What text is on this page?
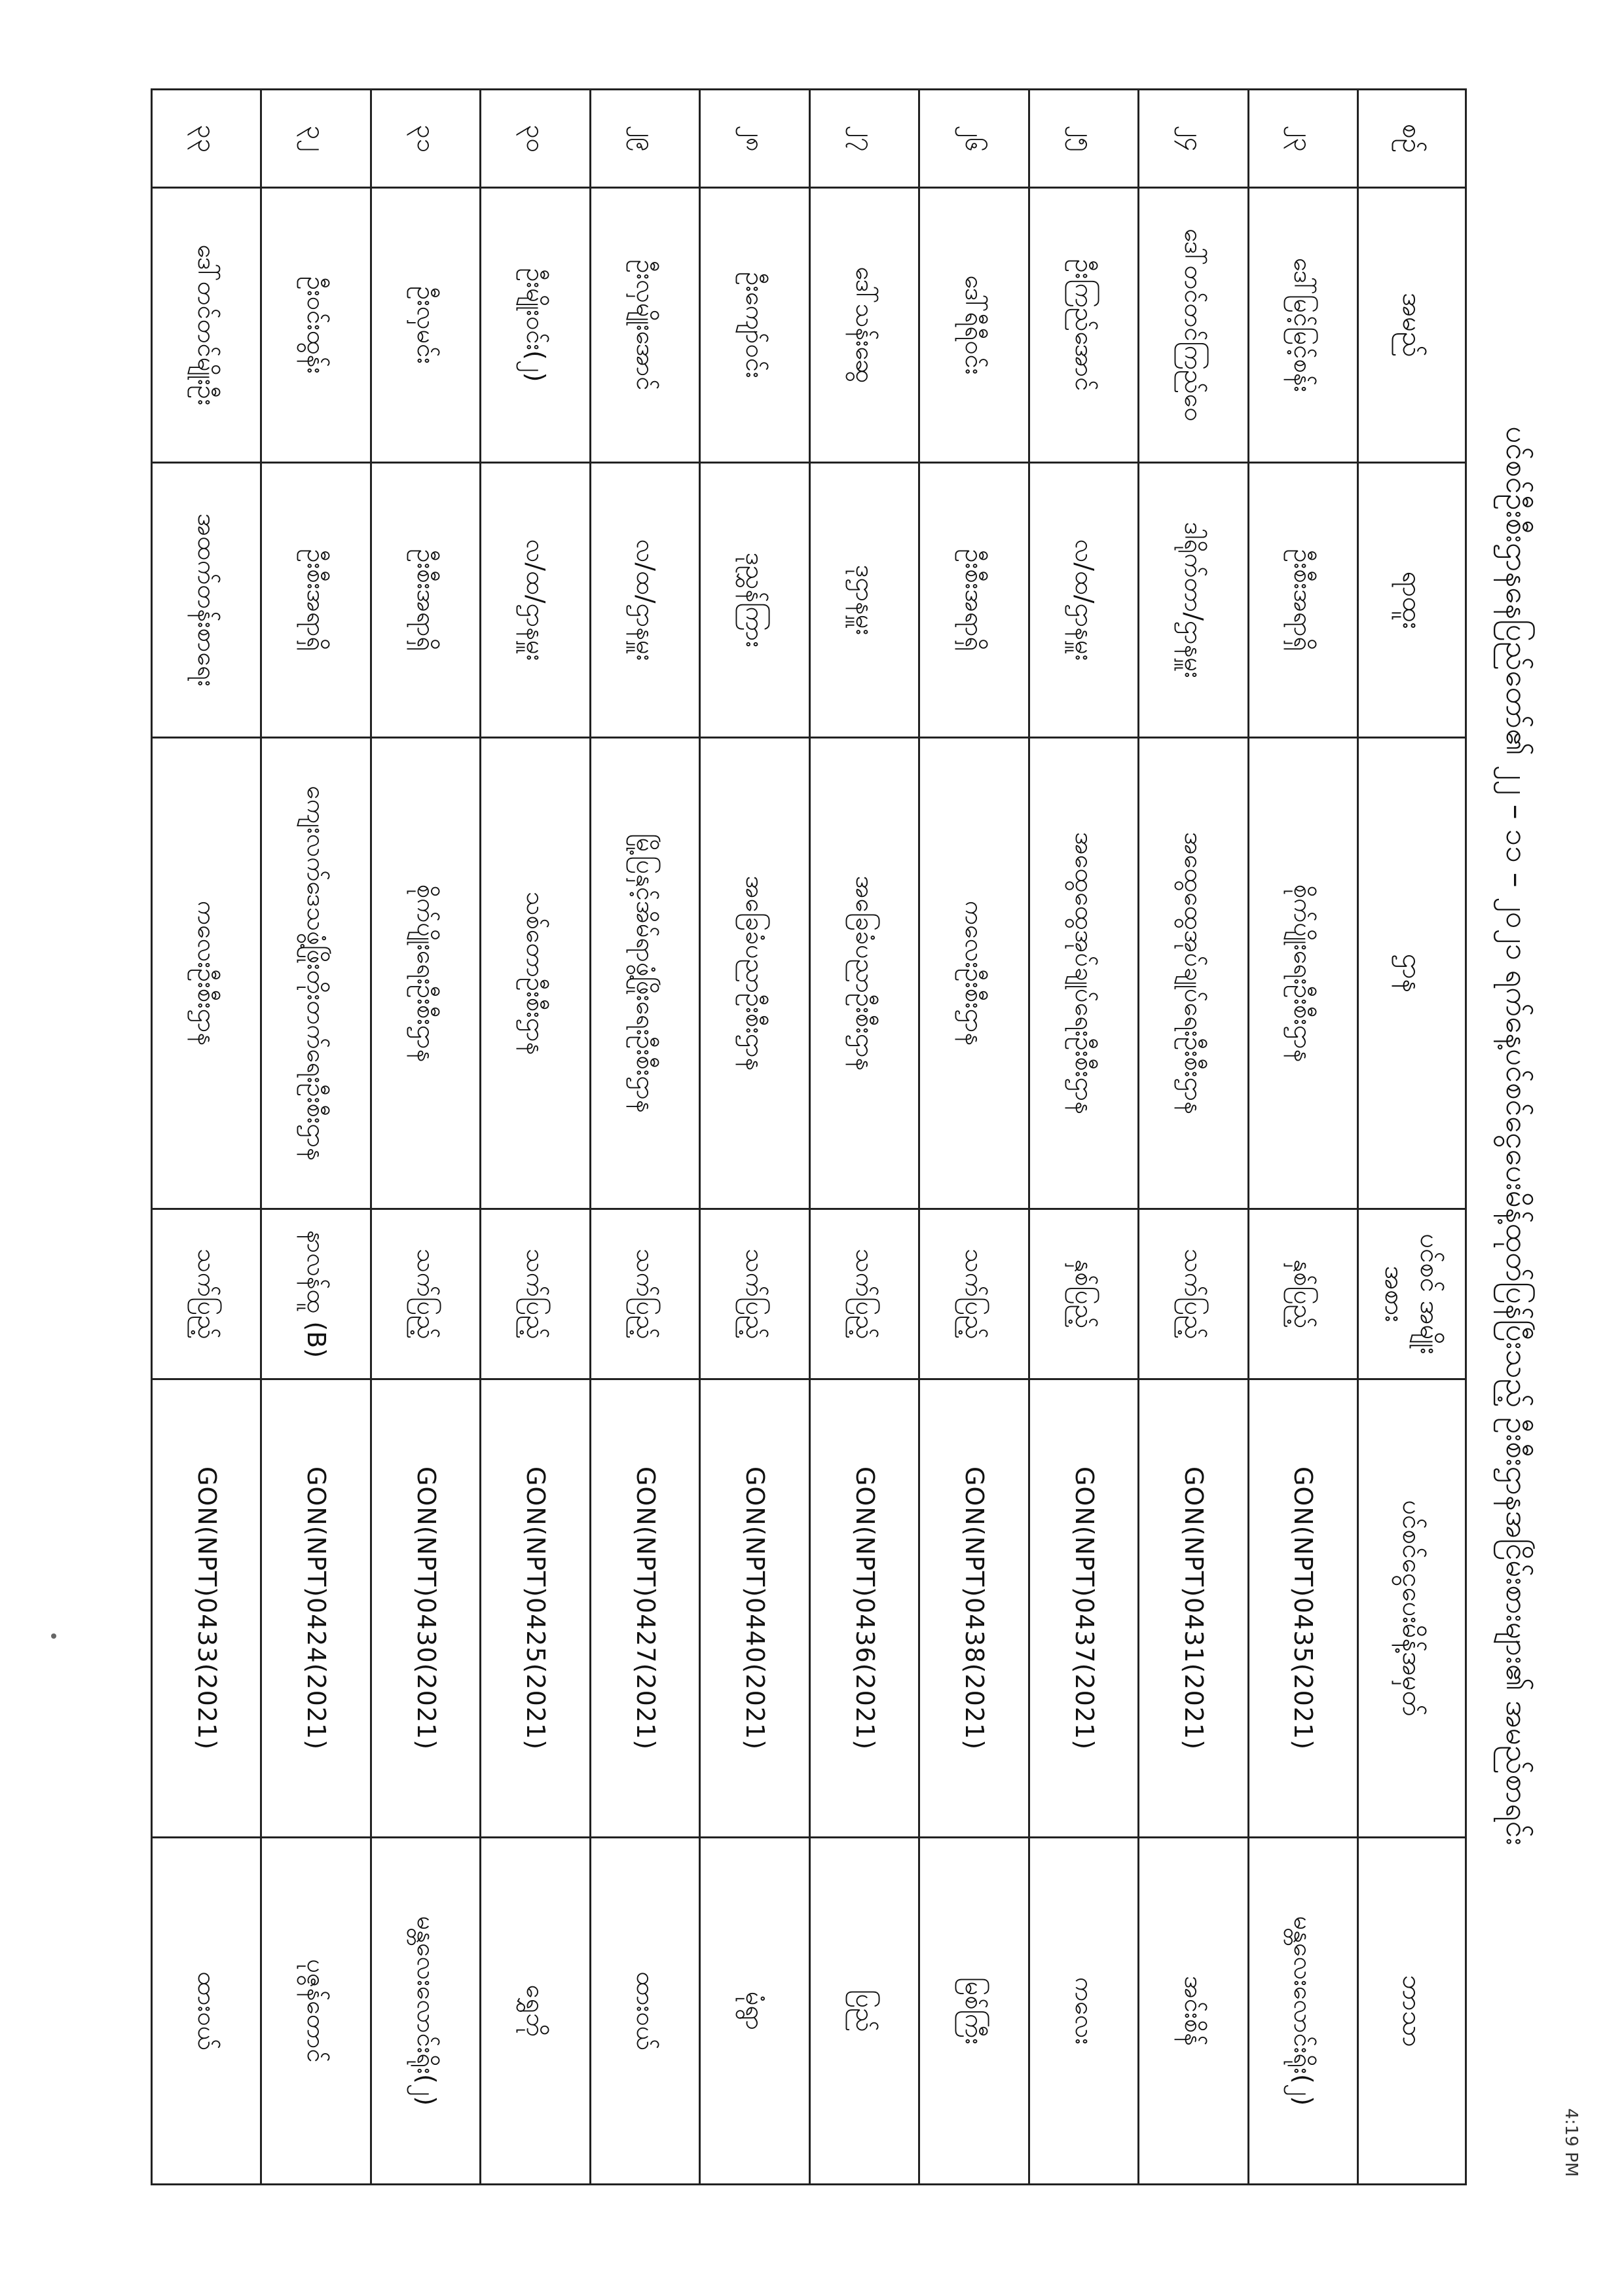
ပင်စင်ဦးစီးဌာနနေပြည်တော်၏ ၂၂ – ၁၁ – ၂၀၂၁ ရက်နေ့ပင်စင်ငွေပေးမိန့်ထုတ်ပြန်ပြီးသည့် ဦးစီးဌာနအငြိမ်းစားများ၏ အမည်စာရင်း
4:19 PM
စဉ်	အမည်	ရာထူး	ဌာန	ပင်စင် အမျိုးအစား	ပင်စင်ငွေပေးမိန့်အမှတ်	ဘာသာ
၂၃	ဒေါ်မြင့်မြင့်စန်း	ဦးစီးအရာရှိ	စိုက်ပျိုးရေးဦးစီးဌာန	နှစ်ပြည့်	GON(NPT)0435(2021)	မန္တလေးလောင်းရိုး(၂)
၂၄	ဒေါ်တင်တင်ကြည်ဝေ	ဒါရိုက်တာ/ဌာနမှူး	အထွေထွေအုပ်ချုပ်ရေးဦးစီးဌာန	သက်ပြည့်	GON(NPT)0431(2021)	အင်းစိန်
၂၅	ဦးကြည်အောင်	လ/ထ/ဌာနမှူး	အထွေထွေအုပ်ချုပ်ရေးဦးစီးဌာန	နှစ်ပြည့်	GON(NPT)0437(2021)	ကလေး
၂၆	ဒေါ်ရီရီဝင်း	ဦးစီးအရာရှိ	ကလေးဦးစီးဌာန	သက်ပြည့်	GON(NPT)0438(2021)	မြစ်ကြီး
၂၇	ဒေါ်သန်းဆွေ	ဒုဌာနမှူး	အခြေခံပညာဦးစီးဌာန	သက်ပြည့်	GON(NPT)0436(2021)	ပြည်
၂၈	ဦးကျော်ဝင်း	ဒုညွှန်ကြား	အခြေခံပညာဦးစီးဌာန	သက်ပြည့်	GON(NPT)0440(2021)	မုံရွာ
၂၉	ဦးလှမျိုးအောင်	လ/ထ/ဌာနမှူး	မြို့ပြနှင့်အိမ်ရာဖွံ့ဖြိုးရေးဦးစီးဌာန	သက်ပြည့်	GON(NPT)0427(2021)	ထားဝယ်
၃၀	ဦးမျိုးဝင်း(၂)	လ/ထ/ဌာနမှူး	သစ်တောဦးစီးဌာန	သက်ပြည့်	GON(NPT)0425(2021)	ရွှေဘို
၃၁	ဦးလှမင်း	ဦးစီးအရာရှိ	စိုက်ပျိုးရေးဦးစီးဌာန	သက်ပြည့်	GON(NPT)0430(2021)	မန္တလေးလောင်းရိုး(၂)
၃၂	ဦးဝင်းထွန်း	ဦးစီးအရာရှိ	ကျေးလက်ဒေသဖွံ့ဖြိုးတိုးတက်ရေးဦးစီးဌာန	နာလန်ထူ (B)	GON(NPT)0424(2021)	ပုဇွန်တောင်
၃၃	ဒေါ်တင်တင်မျိုးဦး	အထက်တန်းစာရေး	ကလေးဦးစီးဌာန	သက်ပြည့်	GON(NPT)0433(2021)	ထားဝယ်
